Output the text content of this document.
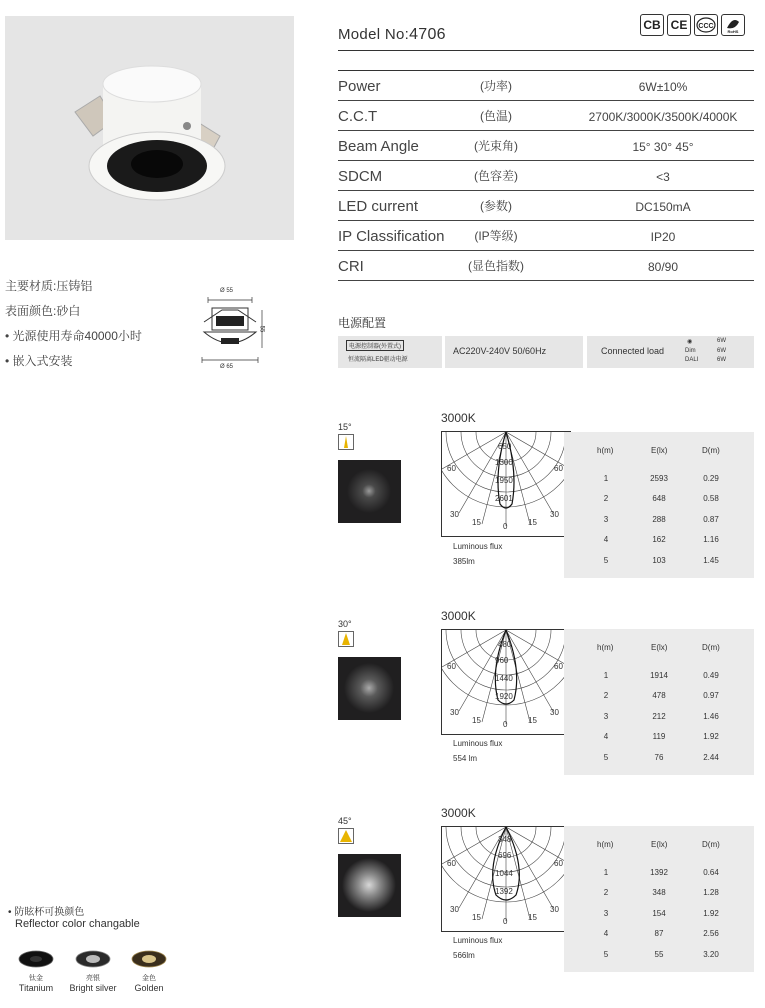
Model No:4706
CB CE	CCC
RoHS
Power	(功率)	6W±10%
C.C.T	(色温)	2700K/3000K/3500K/4000K
Beam Angle	(光束角)	15° 30° 45°
SDCM	(色容差)	<3
LED current	(参数)	DC150mA
IP Classification	(IP等级)	IP20
CRI	(显色指数)	80/90
主要材质:压铸铝
表面颜色:砂白
• 光源使用寿命40000小时
• 嵌入式安装
Ø 55
55
Ø 65
电源配置
电源控制器(外置式)
恒流隔离LED驱动电源
AC220V-240V 50/60Hz	Connected load
◉	6W
Dim	6W
DALI	6W
15°
3000K
650
1300
1950
2601
60
30
15	0	15
30
60
Luminous flux
385lm
h(m)	E(lx)	D(m)
1	2593	0.29
2	648	0.58
3	288	0.87
4	162	1.16
5	103	1.45
30°
3000K
480
960
1440
1920
60
30
15	0	15
30
60
Luminous flux
554 lm
h(m)	E(lx)	D(m)
1	1914	0.49
2	478	0.97
3	212	1.46
4	119	1.92
5	76	2.44
45°
3000K
348
696
1044
1392
60
30
15	0	15
30
60
Luminous flux
566lm
h(m)	E(lx)	D(m)
1	1392	0.64
2	348	1.28
3	154	1.92
4	87	2.56
5	55	3.20
• 防眩杯可换颜色
Reflector color changable
钛金
Titanium
亮银
Bright silver
金色
Golden
